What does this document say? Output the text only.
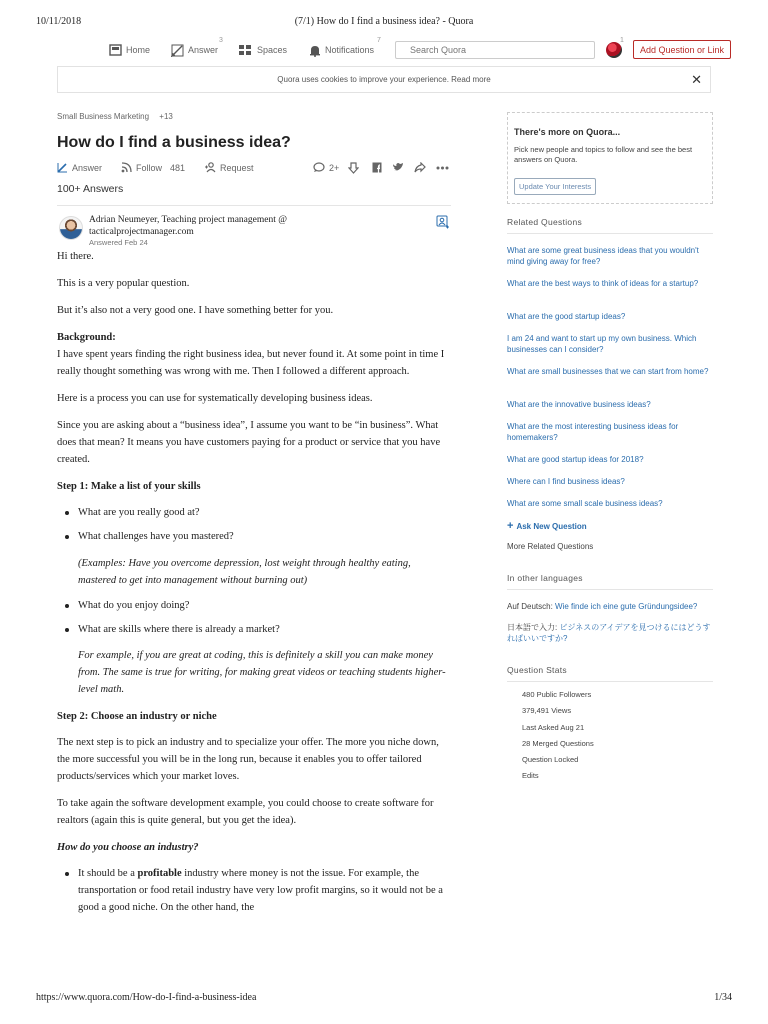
10/11/2018	(7/1) How do I find a business idea? - Quora
Home	Answer
3
Spaces	Notifications
7
Search Quora	1
Add Question or Link
Quora uses cookies to improve your experience. Read more	✕
Small Business Marketing +13
How do I find a business idea?
Answer	Follow 481	Request	2+
100+ Answers
Adrian Neumeyer, Teaching project management @ tacticalprojectmanager.com
Answered Feb 24

Hi there.

This is a very popular question.

But it’s also not a very good one. I have something better for you.

Background:

I have spent years finding the right business idea, but never found it. At some point in time I really thought something was wrong with me. Then I followed a different approach.

Here is a process you can use for systematically developing business ideas.

Since you are asking about a “business idea”, I assume you want to be “in business”. What does that mean? It means you have customers paying for a product or service that you have created.

Step 1: Make a list of your skills
What are you really good at?
What challenges have you mastered?

(Examples: Have you overcome depression, lost weight through healthy eating, mastered to get into management without burning out)

What do you enjoy doing?
What are skills where there is already a market?

For example, if you are great at coding, this is definitely a skill you can make money from. The same is true for writing, for making great videos or teaching students higher-level math.

Step 2: Choose an industry or niche

The next step is to pick an industry and to specialize your offer. The more you niche down, the more successful you will be in the long run, because it enables you to offer tailored products/services which your market loves.

To take again the software development example, you could choose to create software for realtors (again this is quite general, but you get the idea).

How do you choose an industry?
It should be a profitable industry where money is not the issue. For example, the transportation or food retail industry have very low profit margins, so it would not be a good a good niche. On the other hand, the
There's more on Quora...
Pick new people and topics to follow and see the best answers on Quora.
Update Your Interests
Related Questions
What are some great business ideas that you wouldn't mind giving away for free?
What are the best ways to think of ideas for a startup?
What are the good startup ideas?
I am 24 and want to start up my own business. Which businesses can I consider?
What are small businesses that we can start from home?
What are the innovative business ideas?
What are the most interesting business ideas for homemakers?
What are good startup ideas for 2018?
Where can I find business ideas?
What are some small scale business ideas?
+ Ask New Question
More Related Questions
In other languages
Auf Deutsch: Wie finde ich eine gute Gründungsidee?
日本語で入力: ビジネスのアイデアを見つけるにはどうすればいいですか?
Question Stats
480 Public Followers
379,491 Views
Last Asked Aug 21
28 Merged Questions
Question Locked
Edits
https://www.quora.com/How-do-I-find-a-business-idea	1/34
